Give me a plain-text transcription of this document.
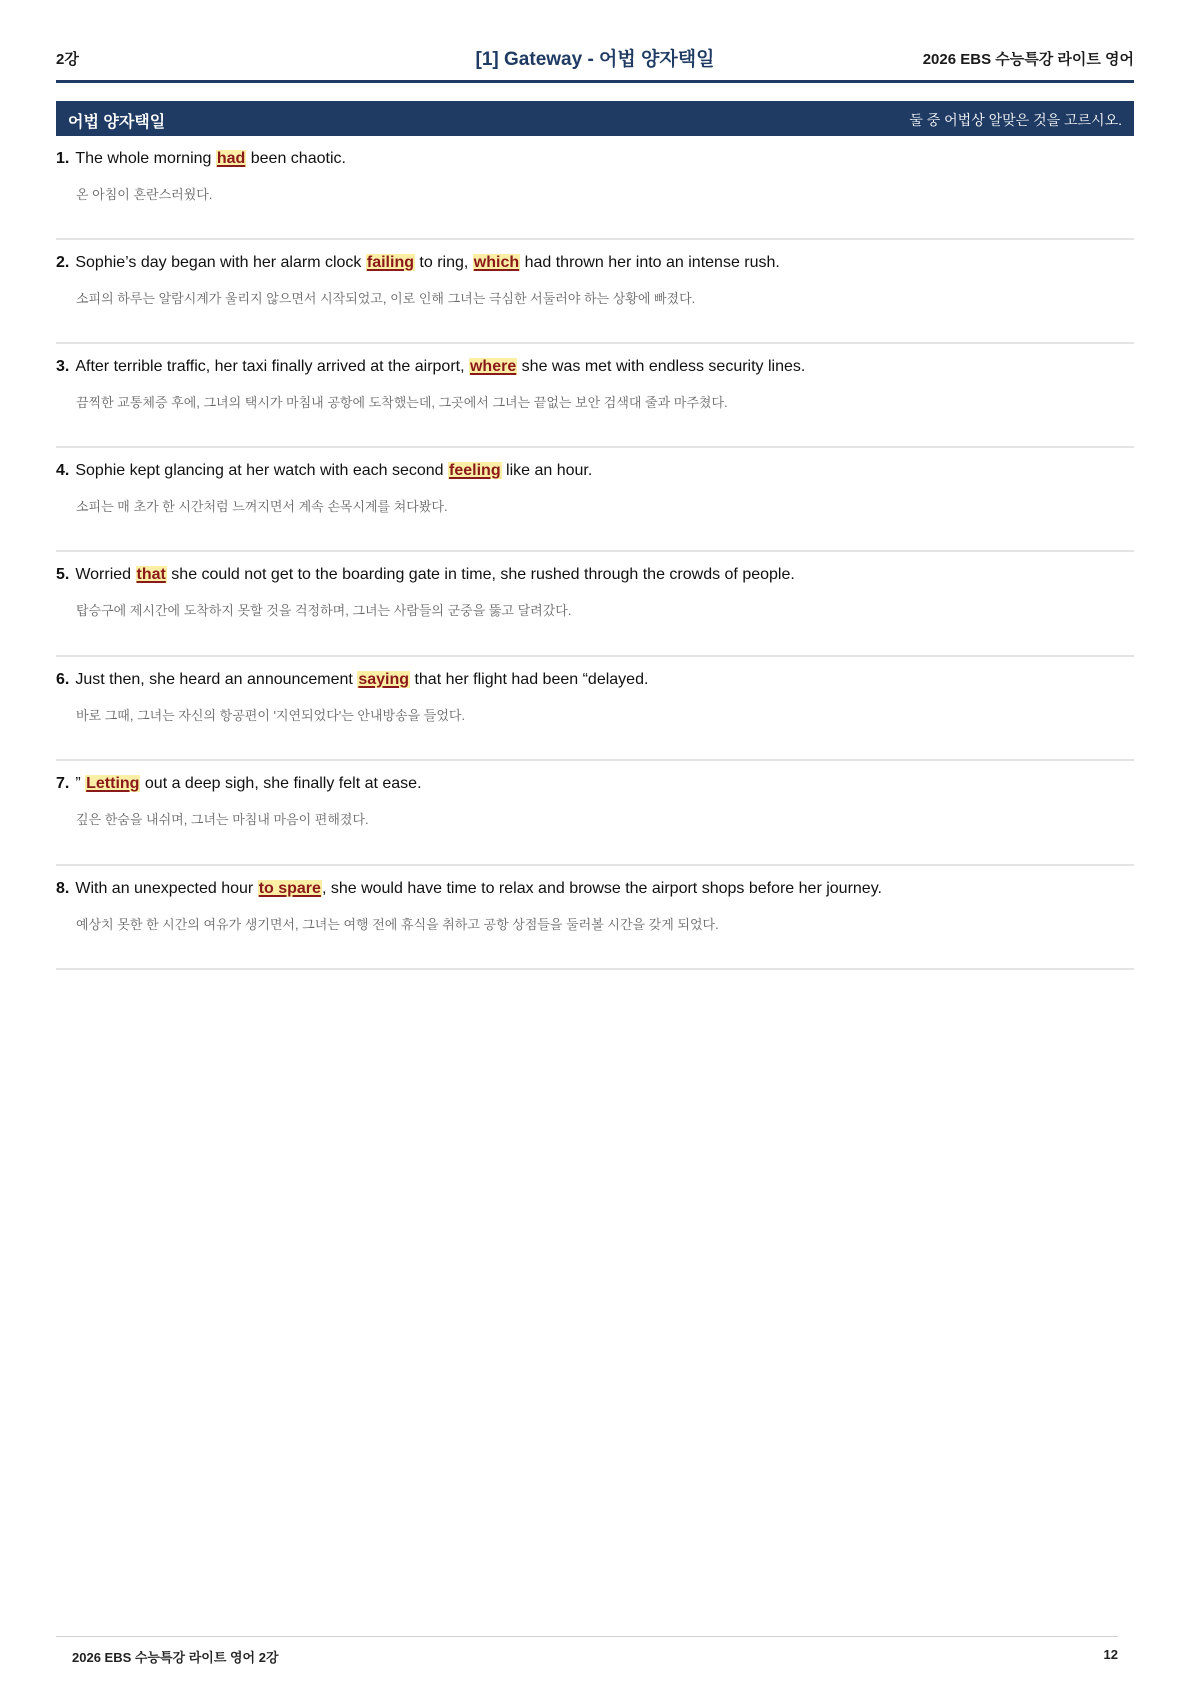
2강	[1] Gateway - 어법 양자택일	2026 EBS 수능특강 라이트 영어
어법 양자택일	둘 중 어법상 알맞은 것을 고르시오.
1. The whole morning had been chaotic.
온 아침이 혼란스러웠다.
2. Sophie’s day began with her alarm clock failing to ring, which had thrown her into an intense rush.
소피의 하루는 알람시계가 울리지 않으면서 시작되었고, 이로 인해 그녀는 극심한 서둘러야 하는 상황에 빠졌다.
3. After terrible traffic, her taxi finally arrived at the airport, where she was met with endless security lines.
끔찍한 교통체증 후에, 그녀의 택시가 마침내 공항에 도착했는데, 그곳에서 그녀는 끝없는 보안 검색대 줄과 마주쳤다.
4. Sophie kept glancing at her watch with each second feeling like an hour.
소피는 매 초가 한 시간처럼 느껴지면서 계속 손목시계를 쳐다봤다.
5. Worried that she could not get to the boarding gate in time, she rushed through the crowds of people.
탑승구에 제시간에 도착하지 못할 것을 걱정하며, 그녀는 사람들의 군중을 뚫고 달려갔다.
6. Just then, she heard an announcement saying that her flight had been “delayed.
바로 그때, 그녀는 자신의 항공편이 '지연되었다'는 안내방송을 들었다.
7. ” Letting out a deep sigh, she finally felt at ease.
깊은 한숨을 내쉬며, 그녀는 마침내 마음이 편해졌다.
8. With an unexpected hour to spare, she would have time to relax and browse the airport shops before her journey.
예상치 못한 한 시간의 여유가 생기면서, 그녀는 여행 전에 휴식을 취하고 공항 상점들을 둘러볼 시간을 갖게 되었다.
2026 EBS 수능특강 라이트 영어 2강	12
